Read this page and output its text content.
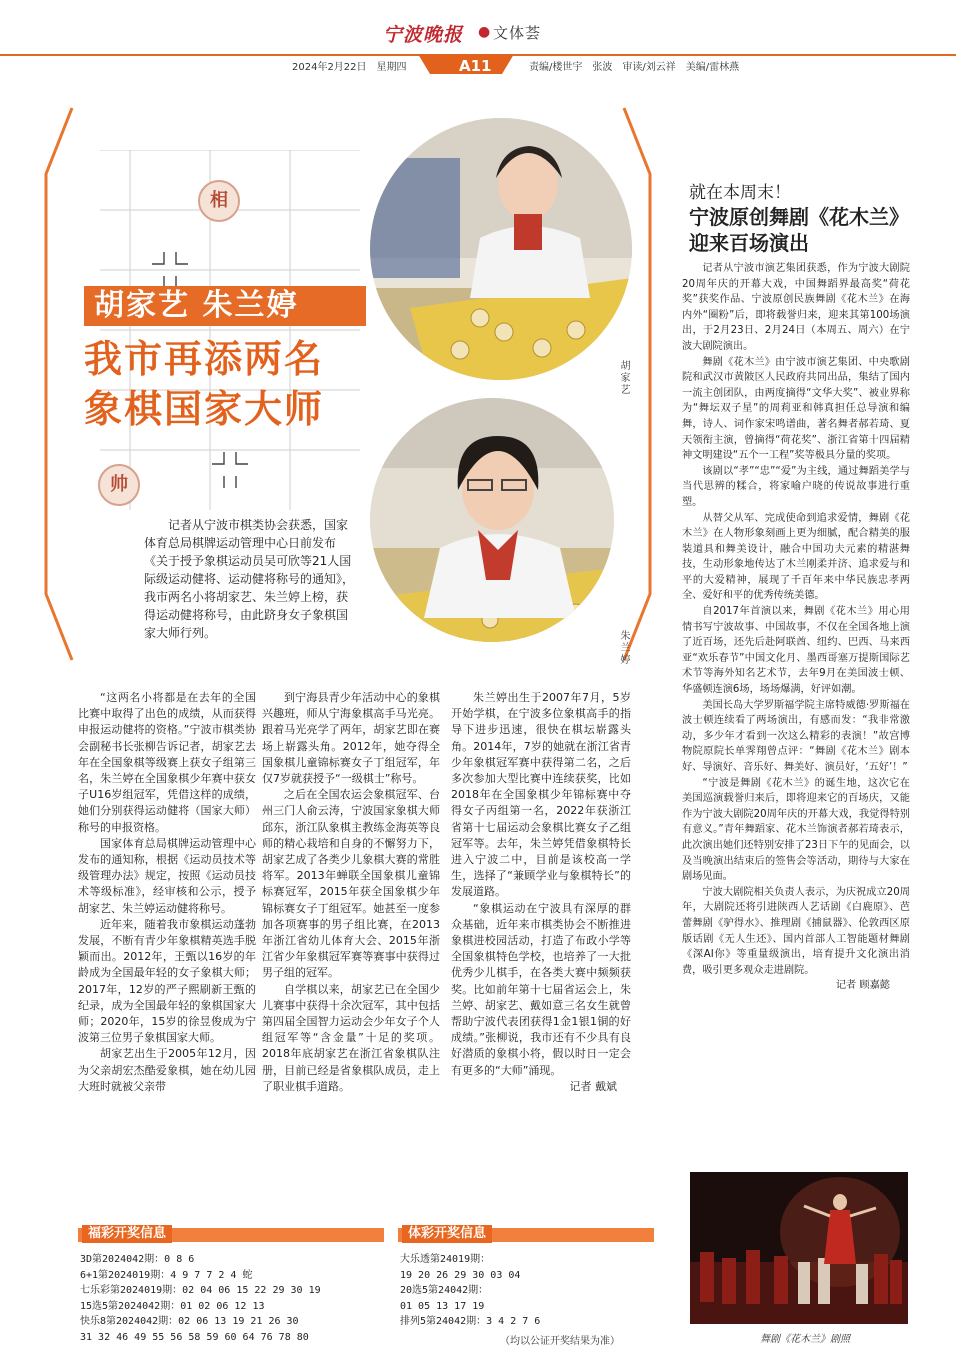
宁波晚报 ● 文体荟
2024年2月22日　星期四	A11	责编/楼世宇　张波　审读/刘云祥　美编/雷林燕
相
帅
胡家艺 朱兰婷
我市再添两名
象棋国家大师
胡家艺
朱兰婷
记者从宁波市棋类协会获悉，国家体育总局棋牌运动管理中心日前发布《关于授予象棋运动员吴可欣等21人国际级运动健将、运动健将称号的通知》，我市两名小将胡家艺、朱兰婷上榜，获得运动健将称号，由此跻身女子象棋国家大师行列。

“这两名小将都是在去年的全国比赛中取得了出色的成绩，从而获得申报运动健将的资格。”宁波市棋类协会副秘书长张柳告诉记者，胡家艺去年在全国象棋等级赛上获女子组第三名，朱兰婷在全国象棋少年赛中获女子U16岁组冠军，凭借这样的成绩，她们分别获得运动健将（国家大师）称号的申报资格。

国家体育总局棋牌运动管理中心发布的通知称，根据《运动员技术等级管理办法》规定，按照《运动员技术等级标准》，经审核和公示，授予胡家艺、朱兰婷运动健将称号。

近年来，随着我市象棋运动蓬勃发展，不断有青少年象棋精英选手脱颖而出。2012年，王甄以16岁的年龄成为全国最年轻的女子象棋大师；2017年，12岁的严子熙刷新王甄的纪录，成为全国最年轻的象棋国家大师；2020年，15岁的徐昱俊成为宁波第三位男子象棋国家大师。

胡家艺出生于2005年12月，因为父亲胡宏杰酷爱象棋，她在幼儿园大班时就被父亲带

到宁海县青少年活动中心的象棋兴趣班，师从宁海象棋高手马光亮。跟着马光亮学了两年，胡家艺即在赛场上崭露头角。2012年，她夺得全国象棋儿童锦标赛女子丁组冠军，年仅7岁就获授予“一级棋士”称号。

之后在全国农运会象棋冠军、台州三门人俞云涛，宁波国家象棋大师邱东，浙江队象棋主教练金海英等良师的精心栽培和自身的不懈努力下，胡家艺成了各类少儿象棋大赛的常胜将军。2013年蝉联全国象棋儿童锦标赛冠军，2015年获全国象棋少年锦标赛女子丁组冠军。她甚至一度参加各项赛事的男子组比赛，在2013年浙江省幼儿体育大会、2015年浙江省少年象棋冠军赛等赛事中获得过男子组的冠军。

自学棋以来，胡家艺已在全国少儿赛事中获得十余次冠军，其中包括第四届全国智力运动会少年女子个人组冠军等“含金量”十足的奖项。2018年底胡家艺在浙江省象棋队注册，目前已经是省象棋队成员，走上了职业棋手道路。

朱兰婷出生于2007年7月，5岁开始学棋，在宁波多位象棋高手的指导下进步迅速，很快在棋坛崭露头角。2014年，7岁的她就在浙江省青少年象棋冠军赛中获得第二名，之后多次参加大型比赛中连续获奖，比如2018年在全国象棋少年锦标赛中夺得女子丙组第一名，2022年获浙江省第十七届运动会象棋比赛女子乙组冠军等。去年，朱兰婷凭借象棋特长进入宁波二中，目前是该校高一学生，选择了“兼顾学业与象棋特长”的发展道路。

“象棋运动在宁波具有深厚的群众基础，近年来市棋类协会不断推进象棋进校园活动，打造了布政小学等全国象棋特色学校，也培养了一大批优秀少儿棋手，在各类大赛中频频获奖。比如前年第十七届省运会上，朱兰婷、胡家艺、戴如意三名女生就曾帮助宁波代表团获得1金1银1铜的好成绩。”张柳说，我市还有不少具有良好潜质的象棋小将，假以时日一定会有更多的“大师”涌现。

记者 戴斌

就在本周末！
宁波原创舞剧《花木兰》
迎来百场演出

记者从宁波市演艺集团获悉，作为宁波大剧院20周年庆的开幕大戏，中国舞蹈界最高奖“荷花奖”获奖作品、宁波原创民族舞剧《花木兰》在海内外“圈粉”后，即将载誉归来，迎来其第100场演出，于2月23日、2月24日（本周五、周六）在宁波大剧院演出。

舞剧《花木兰》由宁波市演艺集团、中央歌剧院和武汉市黄陂区人民政府共同出品，集结了国内一流主创团队，由两度摘得“文华大奖”、被业界称为“舞坛双子星”的周莉亚和韩真担任总导演和编舞，诗人、词作家宋鸣谱曲，著名舞者郝若琦、夏天领衔主演，曾摘得“荷花奖”、浙江省第十四届精神文明建设“五个一工程”奖等极具分量的奖项。

该剧以“孝”“忠”“爱”为主线，通过舞蹈美学与当代思辨的糅合，将家喻户晓的传说故事进行重塑。

从替父从军、完成使命到追求爱情，舞剧《花木兰》在人物形象刻画上更为细腻，配合精美的服装道具和舞美设计，融合中国功夫元素的精湛舞技，生动形象地传达了木兰刚柔并济、追求爱与和平的大爱精神，展现了千百年来中华民族忠孝两全、爱好和平的优秀传统美德。

自2017年首演以来，舞剧《花木兰》用心用情书写宁波故事、中国故事，不仅在全国各地上演了近百场，还先后赴阿联酋、纽约、巴西、马来西亚“欢乐春节”中国文化月、墨西哥塞万提斯国际艺术节等海外知名艺术节，去年9月在美国波士顿、华盛顿连演6场，场场爆满，好评如潮。

美国长岛大学罗斯福学院主席特威德·罗斯福在波士顿连续看了两场演出，有感而发：“我非常激动，多少年才看到一次这么精彩的表演！”故宫博物院原院长单霁翔曾点评：“舞剧《花木兰》剧本好、导演好、音乐好、舞美好、演员好，‘五好’！”

“宁波是舞剧《花木兰》的诞生地，这次它在美国巡演载誉归来后，即将迎来它的百场庆，又能作为宁波大剧院20周年庆的开幕大戏，我觉得特别有意义。”青年舞蹈家、花木兰饰演者郝若琦表示，此次演出她们还特别安排了23日下午的见面会，以及当晚演出结束后的签售会等活动，期待与大家在剧场见面。

宁波大剧院相关负责人表示，为庆祝成立20周年，大剧院还将引进陕西人艺话剧《白鹿原》、芭蕾舞剧《驴得水》、推理剧《捕鼠器》、伦敦西区原版话剧《无人生还》、国内首部人工智能题材舞剧《深AI你》等重量级演出，培育提升文化演出消费，吸引更多观众走进剧院。

记者 顾嘉懿

舞剧《花木兰》剧照
福彩开奖信息
3D第2024042期：0 8 6
6+1第2024019期：4 9 7 7 2 4 蛇
七乐彩第2024019期：02 04 06 15 22 29 30 19
15选5第2024042期：01 02 06 12 13
快乐8第2024042期：02 06 13 19 21 26 30
31 32 46 49 55 56 58 59 60 64 76 78 80
体彩开奖信息
大乐透第24019期：
19 20 26 29 30 03 04
20选5第24042期：
01 05 13 17 19
排列5第24042期：3 4 2 7 6
（均以公证开奖结果为准）
